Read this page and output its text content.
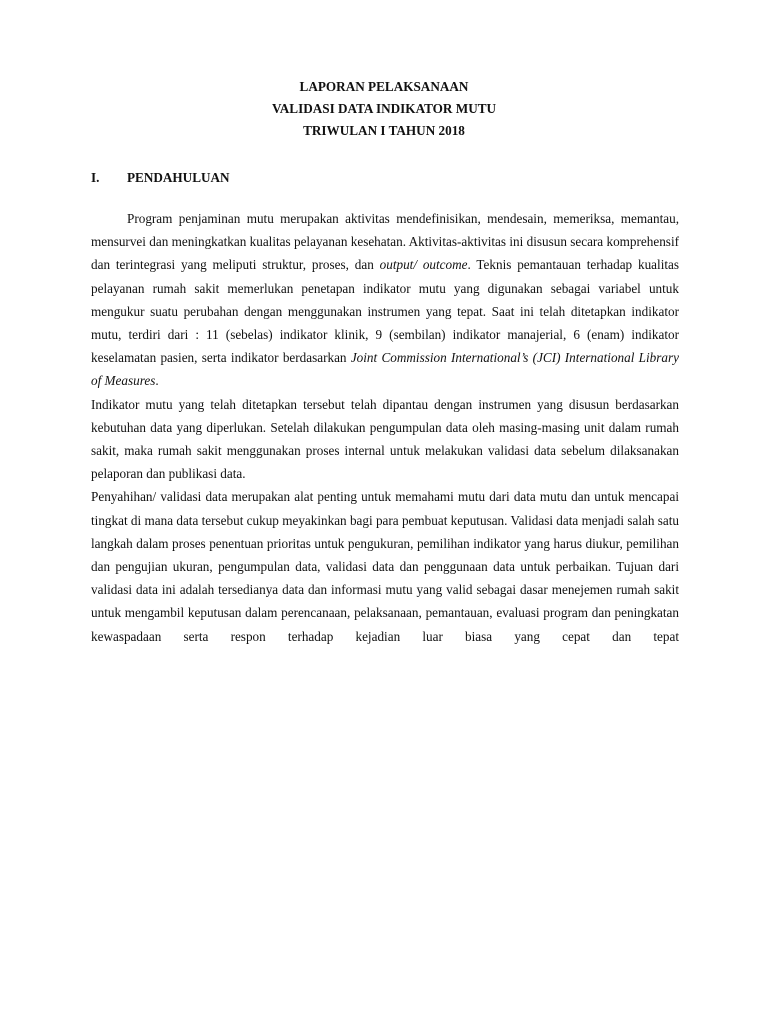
LAPORAN PELAKSANAAN
VALIDASI DATA INDIKATOR MUTU
TRIWULAN I TAHUN 2018
I. PENDAHULUAN

Program penjaminan mutu merupakan aktivitas mendefinisikan, mendesain, memeriksa, memantau, mensurvei dan meningkatkan kualitas pelayanan kesehatan. Aktivitas-aktivitas ini disusun secara komprehensif dan terintegrasi yang meliputi struktur, proses, dan output/ outcome. Teknis pemantauan terhadap kualitas pelayanan rumah sakit memerlukan penetapan indikator mutu yang digunakan sebagai variabel untuk mengukur suatu perubahan dengan menggunakan instrumen yang tepat. Saat ini telah ditetapkan indikator mutu, terdiri dari : 11 (sebelas) indikator klinik, 9 (sembilan) indikator manajerial, 6 (enam) indikator keselamatan pasien, serta indikator berdasarkan Joint Commission International’s (JCI) International Library of Measures.

Indikator mutu yang telah ditetapkan tersebut telah dipantau dengan instrumen yang disusun berdasarkan kebutuhan data yang diperlukan. Setelah dilakukan pengumpulan data oleh masing-masing unit dalam rumah sakit, maka rumah sakit menggunakan proses internal untuk melakukan validasi data sebelum dilaksanakan pelaporan dan publikasi data.

Penyahihan/ validasi data merupakan alat penting untuk memahami mutu dari data mutu dan untuk mencapai tingkat di mana data tersebut cukup meyakinkan bagi para pembuat keputusan. Validasi data menjadi salah satu langkah dalam proses penentuan prioritas untuk pengukuran, pemilihan indikator yang harus diukur, pemilihan dan pengujian ukuran, pengumpulan data, validasi data dan penggunaan data untuk perbaikan. Tujuan dari validasi data ini adalah tersedianya data dan informasi mutu yang valid sebagai dasar menejemen rumah sakit untuk mengambil keputusan dalam perencanaan, pelaksanaan, pemantauan, evaluasi program dan peningkatan kewaspadaan serta respon terhadap kejadian luar biasa yang cepat dan tepat
